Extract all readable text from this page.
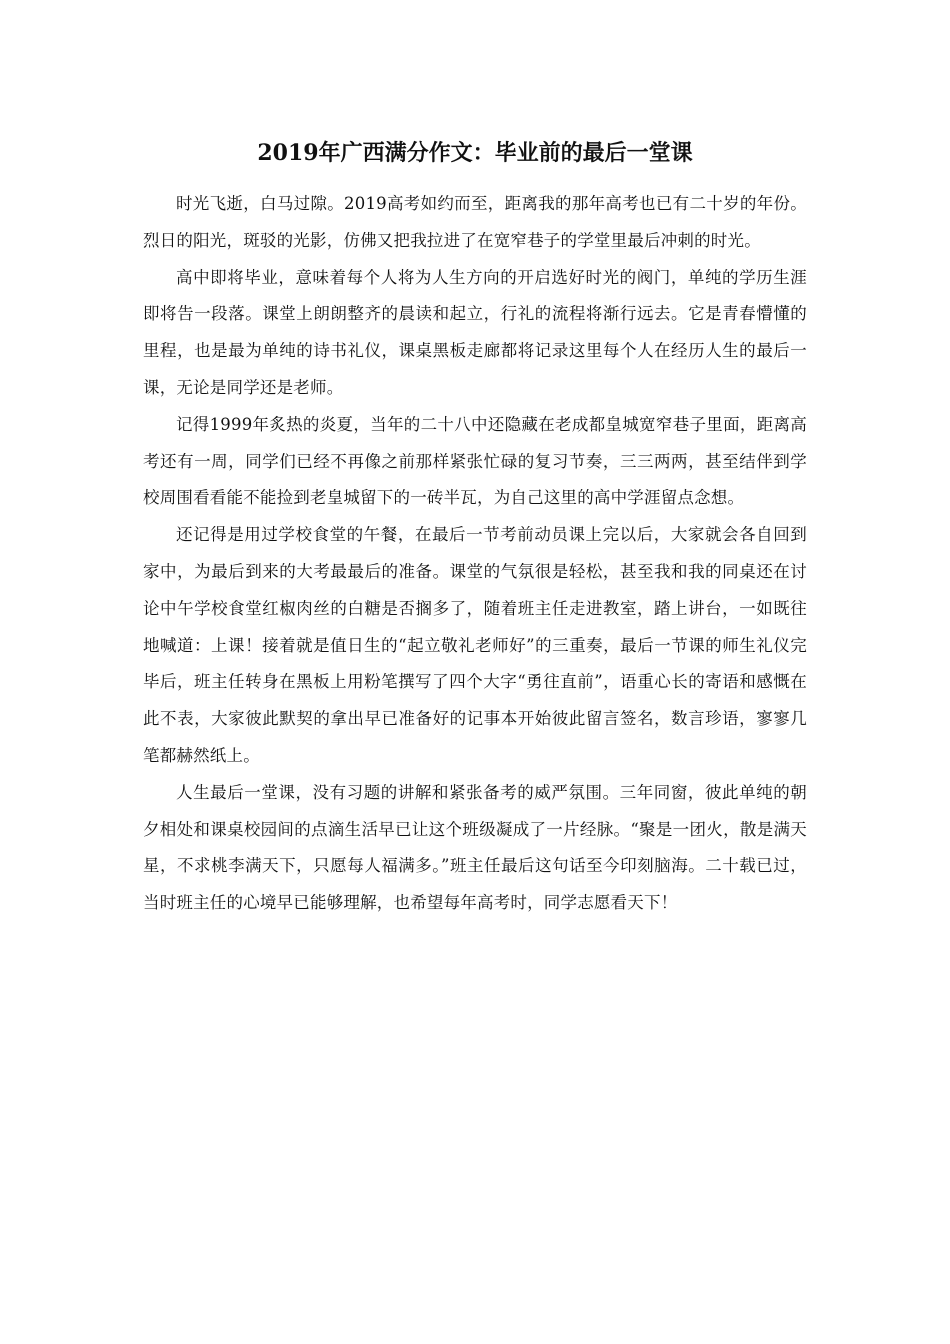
2019年广西满分作文：毕业前的最后一堂课

时光飞逝，白马过隙。2019高考如约而至，距离我的那年高考也已有二十岁的年份。烈日的阳光，斑驳的光影，仿佛又把我拉进了在宽窄巷子的学堂里最后冲刺的时光。

高中即将毕业，意味着每个人将为人生方向的开启选好时光的阀门，单纯的学历生涯即将告一段落。课堂上朗朗整齐的晨读和起立，行礼的流程将渐行远去。它是青春懵懂的里程，也是最为单纯的诗书礼仪，课桌黑板走廊都将记录这里每个人在经历人生的最后一课，无论是同学还是老师。

记得1999年炙热的炎夏，当年的二十八中还隐藏在老成都皇城宽窄巷子里面，距离高考还有一周，同学们已经不再像之前那样紧张忙碌的复习节奏，三三两两，甚至结伴到学校周围看看能不能捡到老皇城留下的一砖半瓦，为自己这里的高中学涯留点念想。

还记得是用过学校食堂的午餐，在最后一节考前动员课上完以后，大家就会各自回到家中，为最后到来的大考最最后的准备。课堂的气氛很是轻松，甚至我和我的同桌还在讨论中午学校食堂红椒肉丝的白糖是否搁多了，随着班主任走进教室，踏上讲台，一如既往地喊道：上课！接着就是值日生的“起立敬礼老师好”的三重奏，最后一节课的师生礼仪完毕后，班主任转身在黑板上用粉笔撰写了四个大字“勇往直前”，语重心长的寄语和感慨在此不表，大家彼此默契的拿出早已准备好的记事本开始彼此留言签名，数言珍语，寥寥几笔都赫然纸上。

人生最后一堂课，没有习题的讲解和紧张备考的威严氛围。三年同窗，彼此单纯的朝夕相处和课桌校园间的点滴生活早已让这个班级凝成了一片经脉。“聚是一团火，散是满天星，不求桃李满天下，只愿每人福满多。”班主任最后这句话至今印刻脑海。二十载已过，当时班主任的心境早已能够理解，也希望每年高考时，同学志愿看天下！
